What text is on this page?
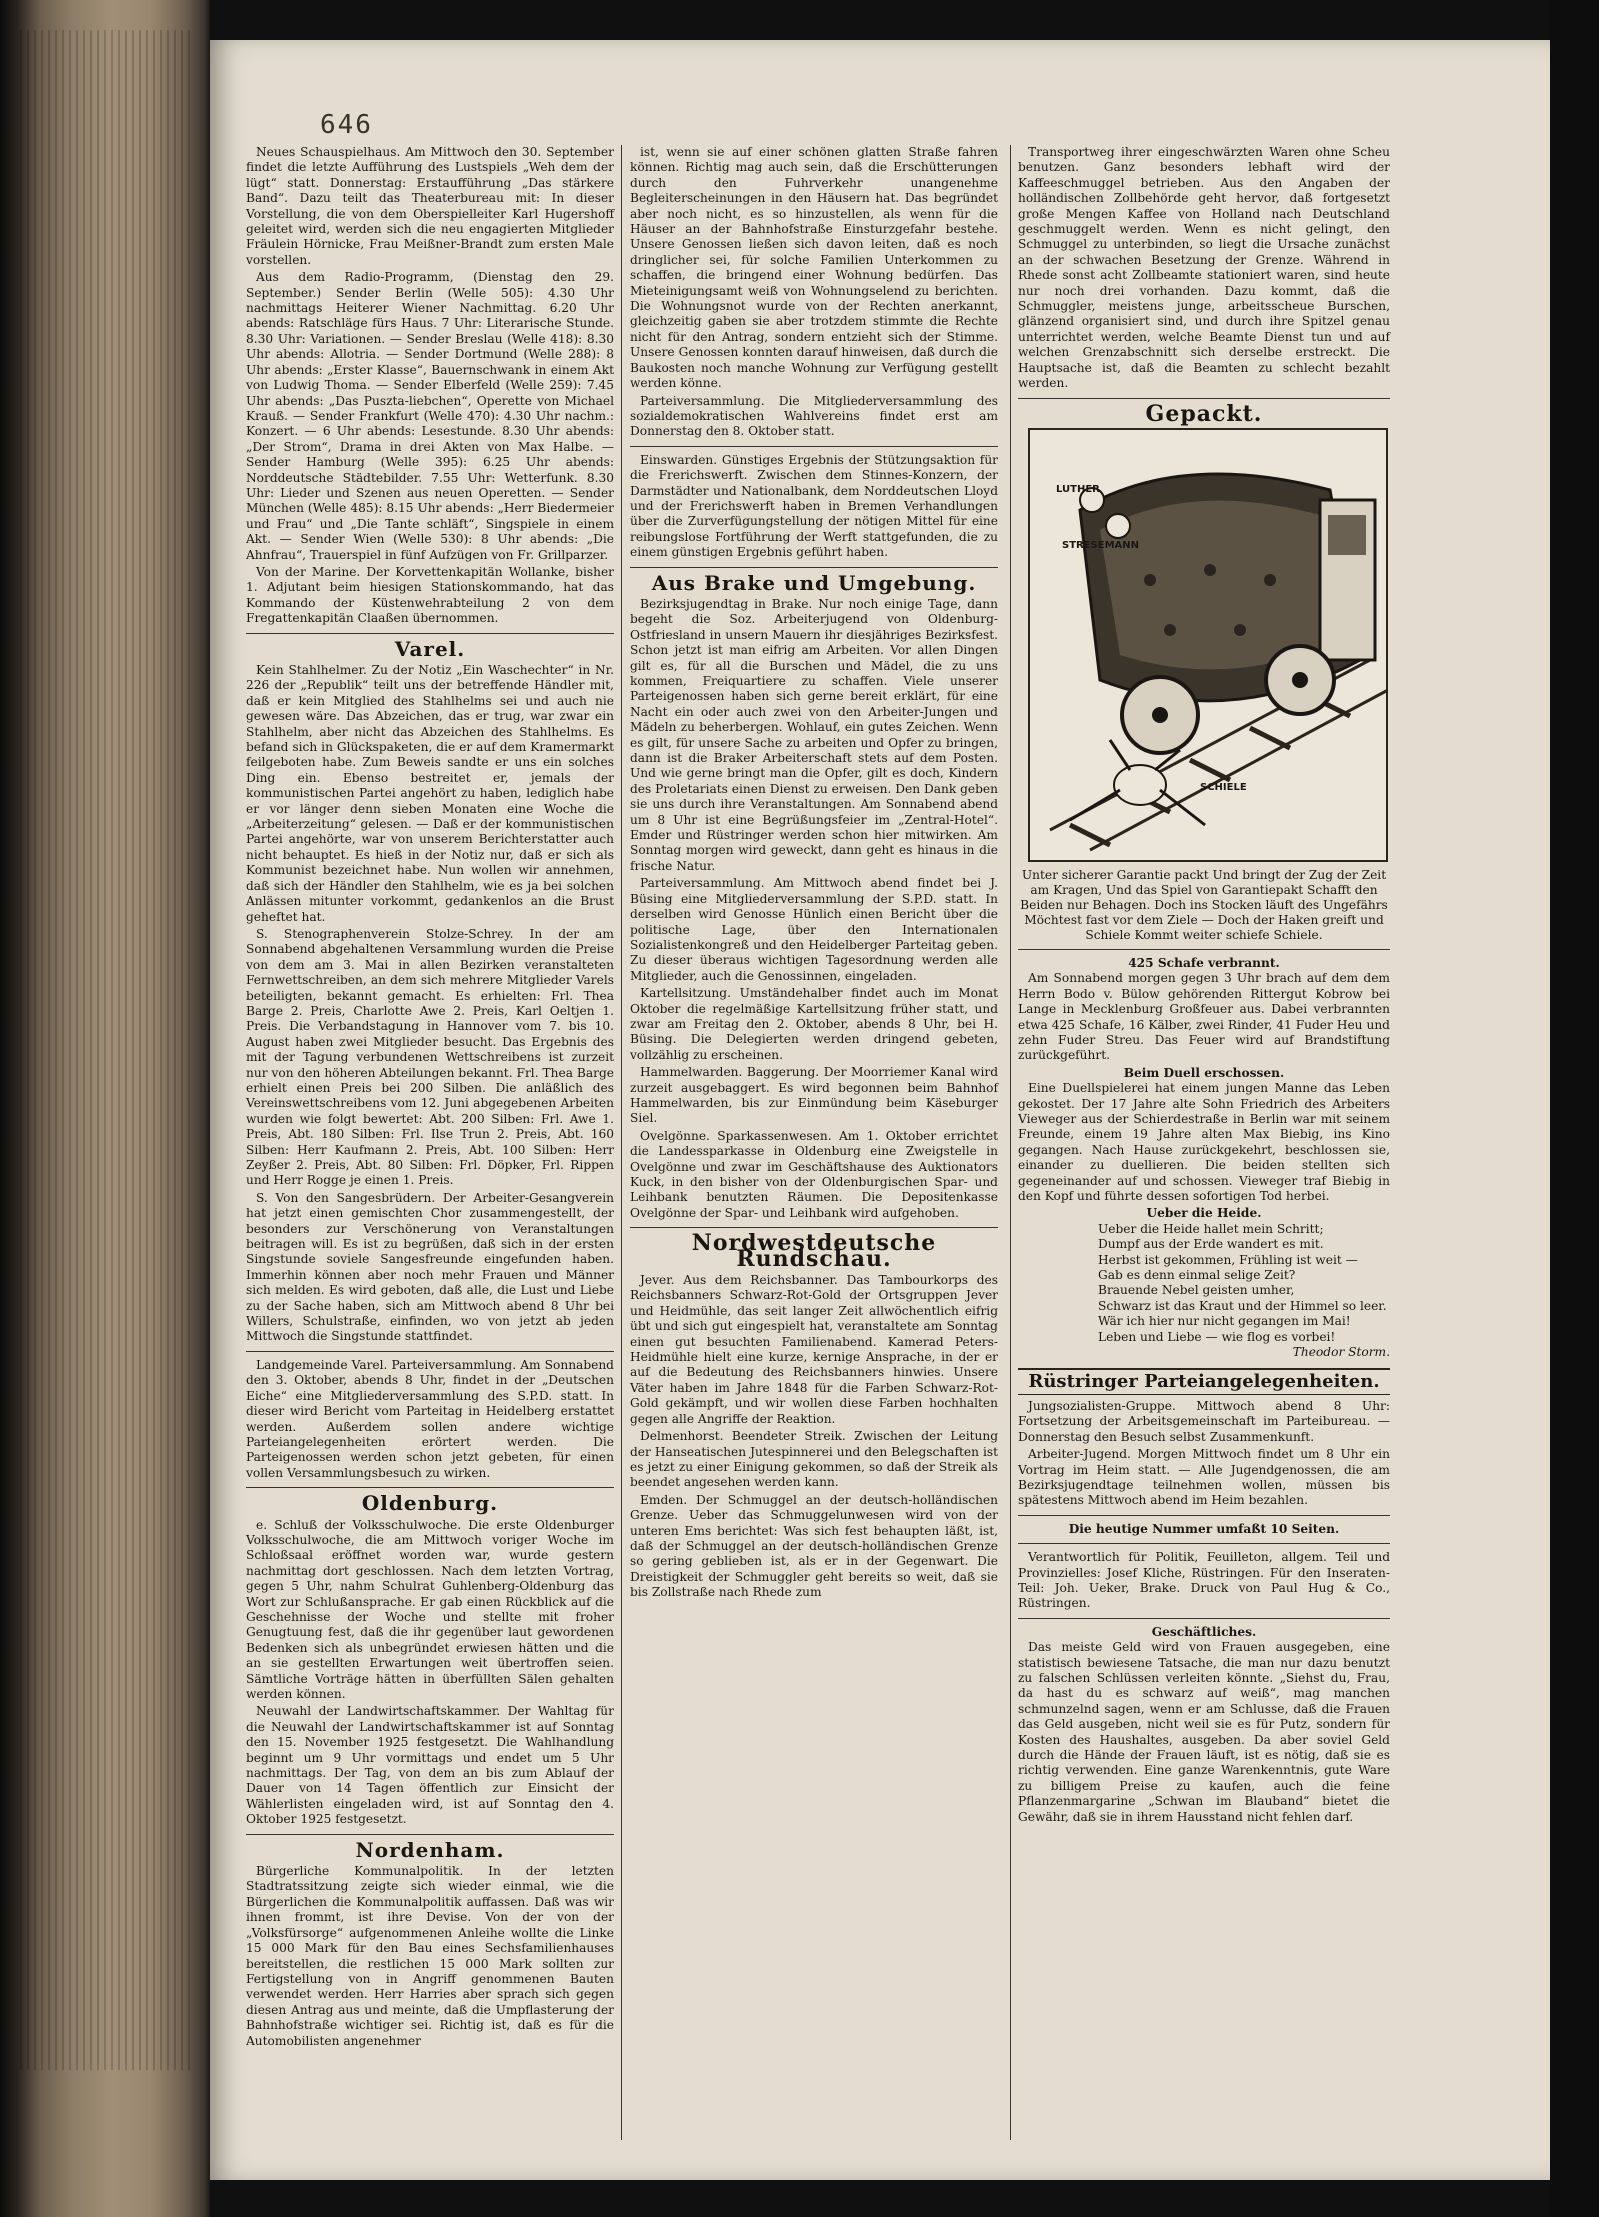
646

Neues Schauspielhaus. Am Mittwoch den 30. September findet die letzte Aufführung des Lustspiels „Weh dem der lügt“ statt. Donnerstag: Erstaufführung „Das stärkere Band“. Dazu teilt das Theaterbureau mit: In dieser Vorstellung, die von dem Oberspielleiter Karl Hugershoff geleitet wird, werden sich die neu engagierten Mitglieder Fräulein Hörnicke, Frau Meißner-Brandt zum ersten Male vorstellen.

Aus dem Radio-Programm, (Dienstag den 29. September.) Sender Berlin (Welle 505): 4.30 Uhr nachmittags Heiterer Wiener Nachmittag. 6.20 Uhr abends: Ratschläge fürs Haus. 7 Uhr: Literarische Stunde. 8.30 Uhr: Variationen. — Sender Breslau (Welle 418): 8.30 Uhr abends: Allotria. — Sender Dortmund (Welle 288): 8 Uhr abends: „Erster Klasse“, Bauernschwank in einem Akt von Ludwig Thoma. — Sender Elberfeld (Welle 259): 7.45 Uhr abends: „Das Puszta-liebchen“, Operette von Michael Krauß. — Sender Frankfurt (Welle 470): 4.30 Uhr nachm.: Konzert. — 6 Uhr abends: Lesestunde. 8.30 Uhr abends: „Der Strom“, Drama in drei Akten von Max Halbe. — Sender Hamburg (Welle 395): 6.25 Uhr abends: Norddeutsche Städtebilder. 7.55 Uhr: Wetterfunk. 8.30 Uhr: Lieder und Szenen aus neuen Operetten. — Sender München (Welle 485): 8.15 Uhr abends: „Herr Biedermeier und Frau“ und „Die Tante schläft“, Singspiele in einem Akt. — Sender Wien (Welle 530): 8 Uhr abends: „Die Ahnfrau“, Trauerspiel in fünf Aufzügen von Fr. Grillparzer.

Von der Marine. Der Korvettenkapitän Wollanke, bisher 1. Adjutant beim hiesigen Stationskommando, hat das Kommando der Küstenwehrabteilung 2 von dem Fregattenkapitän Claaßen übernommen.

Varel.

Kein Stahlhelmer. Zu der Notiz „Ein Waschechter“ in Nr. 226 der „Republik“ teilt uns der betreffende Händler mit, daß er kein Mitglied des Stahlhelms sei und auch nie gewesen wäre. Das Abzeichen, das er trug, war zwar ein Stahlhelm, aber nicht das Abzeichen des Stahlhelms. Es befand sich in Glückspaketen, die er auf dem Kramermarkt feilgeboten habe. Zum Beweis sandte er uns ein solches Ding ein. Ebenso bestreitet er, jemals der kommunistischen Partei angehört zu haben, lediglich habe er vor länger denn sieben Monaten eine Woche die „Arbeiterzeitung“ gelesen. — Daß er der kommunistischen Partei angehörte, war von unserem Berichterstatter auch nicht behauptet. Es hieß in der Notiz nur, daß er sich als Kommunist bezeichnet habe. Nun wollen wir annehmen, daß sich der Händler den Stahlhelm, wie es ja bei solchen Anlässen mitunter vorkommt, gedankenlos an die Brust geheftet hat.

S. Stenographenverein Stolze-Schrey. In der am Sonnabend abgehaltenen Versammlung wurden die Preise von dem am 3. Mai in allen Bezirken veranstalteten Fernwettschreiben, an dem sich mehrere Mitglieder Varels beteiligten, bekannt gemacht. Es erhielten: Frl. Thea Barge 2. Preis, Charlotte Awe 2. Preis, Karl Oeltjen 1. Preis. Die Verbandstagung in Hannover vom 7. bis 10. August haben zwei Mitglieder besucht. Das Ergebnis des mit der Tagung verbundenen Wettschreibens ist zurzeit nur von den höheren Abteilungen bekannt. Frl. Thea Barge erhielt einen Preis bei 200 Silben. Die anläßlich des Vereinswettschreibens vom 12. Juni abgegebenen Arbeiten wurden wie folgt bewertet: Abt. 200 Silben: Frl. Awe 1. Preis, Abt. 180 Silben: Frl. Ilse Trun 2. Preis, Abt. 160 Silben: Herr Kaufmann 2. Preis, Abt. 100 Silben: Herr Zeyßer 2. Preis, Abt. 80 Silben: Frl. Döpker, Frl. Rippen und Herr Rogge je einen 1. Preis.

S. Von den Sangesbrüdern. Der Arbeiter-Gesangverein hat jetzt einen gemischten Chor zusammengestellt, der besonders zur Verschönerung von Veranstaltungen beitragen will. Es ist zu begrüßen, daß sich in der ersten Singstunde soviele Sangesfreunde eingefunden haben. Immerhin können aber noch mehr Frauen und Männer sich melden. Es wird geboten, daß alle, die Lust und Liebe zu der Sache haben, sich am Mittwoch abend 8 Uhr bei Willers, Schulstraße, einfinden, wo von jetzt ab jeden Mittwoch die Singstunde stattfindet.

Landgemeinde Varel. Parteiversammlung. Am Sonnabend den 3. Oktober, abends 8 Uhr, findet in der „Deutschen Eiche“ eine Mitgliederversammlung des S.P.D. statt. In dieser wird Bericht vom Parteitag in Heidelberg erstattet werden. Außerdem sollen andere wichtige Parteiangelegenheiten erörtert werden. Die Parteigenossen werden schon jetzt gebeten, für einen vollen Versammlungsbesuch zu wirken.

Oldenburg.

e. Schluß der Volksschulwoche. Die erste Oldenburger Volksschulwoche, die am Mittwoch voriger Woche im Schloßsaal eröffnet worden war, wurde gestern nachmittag dort geschlossen. Nach dem letzten Vortrag, gegen 5 Uhr, nahm Schulrat Guhlenberg-Oldenburg das Wort zur Schlußansprache. Er gab einen Rückblick auf die Geschehnisse der Woche und stellte mit froher Genugtuung fest, daß die ihr gegenüber laut gewordenen Bedenken sich als unbegründet erwiesen hätten und die an sie gestellten Erwartungen weit übertroffen seien. Sämtliche Vorträge hätten in überfüllten Sälen gehalten werden können.

Neuwahl der Landwirtschaftskammer. Der Wahltag für die Neuwahl der Landwirtschaftskammer ist auf Sonntag den 15. November 1925 festgesetzt. Die Wahlhandlung beginnt um 9 Uhr vormittags und endet um 5 Uhr nachmittags. Der Tag, von dem an bis zum Ablauf der Dauer von 14 Tagen öffentlich zur Einsicht der Wählerlisten eingeladen wird, ist auf Sonntag den 4. Oktober 1925 festgesetzt.

Nordenham.

Bürgerliche Kommunalpolitik. In der letzten Stadtratssitzung zeigte sich wieder einmal, wie die Bürgerlichen die Kommunalpolitik auffassen. Daß was wir ihnen frommt, ist ihre Devise. Von der von der „Volksfürsorge“ aufgenommenen Anleihe wollte die Linke 15 000 Mark für den Bau eines Sechsfamilienhauses bereitstellen, die restlichen 15 000 Mark sollten zur Fertigstellung von in Angriff genommenen Bauten verwendet werden. Herr Harries aber sprach sich gegen diesen Antrag aus und meinte, daß die Umpflasterung der Bahnhofstraße wichtiger sei. Richtig ist, daß es für die Automobilisten angenehmer

ist, wenn sie auf einer schönen glatten Straße fahren können. Richtig mag auch sein, daß die Erschütterungen durch den Fuhrverkehr unangenehme Begleiterscheinungen in den Häusern hat. Das begründet aber noch nicht, es so hinzustellen, als wenn für die Häuser an der Bahnhofstraße Einsturzgefahr bestehe. Unsere Genossen ließen sich davon leiten, daß es noch dringlicher sei, für solche Familien Unterkommen zu schaffen, die bringend einer Wohnung bedürfen. Das Mieteinigungsamt weiß von Wohnungselend zu berichten. Die Wohnungsnot wurde von der Rechten anerkannt, gleichzeitig gaben sie aber trotzdem stimmte die Rechte nicht für den Antrag, sondern entzieht sich der Stimme. Unsere Genossen konnten darauf hinweisen, daß durch die Baukosten noch manche Wohnung zur Verfügung gestellt werden könne.

Parteiversammlung. Die Mitgliederversammlung des sozialdemokratischen Wahlvereins findet erst am Donnerstag den 8. Oktober statt.

Einswarden. Günstiges Ergebnis der Stützungsaktion für die Frerichswerft. Zwischen dem Stinnes-Konzern, der Darmstädter und Nationalbank, dem Norddeutschen Lloyd und der Frerichswerft haben in Bremen Verhandlungen über die Zurverfügungstellung der nötigen Mittel für eine reibungslose Fortführung der Werft stattgefunden, die zu einem günstigen Ergebnis geführt haben.

Aus Brake und Umgebung.

Bezirksjugendtag in Brake. Nur noch einige Tage, dann begeht die Soz. Arbeiterjugend von Oldenburg-Ostfriesland in unsern Mauern ihr diesjähriges Bezirksfest. Schon jetzt ist man eifrig am Arbeiten. Vor allen Dingen gilt es, für all die Burschen und Mädel, die zu uns kommen, Freiquartiere zu schaffen. Viele unserer Parteigenossen haben sich gerne bereit erklärt, für eine Nacht ein oder auch zwei von den Arbeiter-Jungen und Mädeln zu beherbergen. Wohlauf, ein gutes Zeichen. Wenn es gilt, für unsere Sache zu arbeiten und Opfer zu bringen, dann ist die Braker Arbeiterschaft stets auf dem Posten. Und wie gerne bringt man die Opfer, gilt es doch, Kindern des Proletariats einen Dienst zu erweisen. Den Dank geben sie uns durch ihre Veranstaltungen. Am Sonnabend abend um 8 Uhr ist eine Begrüßungsfeier im „Zentral-Hotel“. Emder und Rüstringer werden schon hier mitwirken. Am Sonntag morgen wird geweckt, dann geht es hinaus in die frische Natur.

Parteiversammlung. Am Mittwoch abend findet bei J. Büsing eine Mitgliederversammlung der S.P.D. statt. In derselben wird Genosse Hünlich einen Bericht über die politische Lage, über den Internationalen Sozialistenkongreß und den Heidelberger Parteitag geben. Zu dieser überaus wichtigen Tagesordnung werden alle Mitglieder, auch die Genossinnen, eingeladen.

Kartellsitzung. Umständehalber findet auch im Monat Oktober die regelmäßige Kartellsitzung früher statt, und zwar am Freitag den 2. Oktober, abends 8 Uhr, bei H. Büsing. Die Delegierten werden dringend gebeten, vollzählig zu erscheinen.

Hammelwarden. Baggerung. Der Moorriemer Kanal wird zurzeit ausgebaggert. Es wird begonnen beim Bahnhof Hammelwarden, bis zur Einmündung beim Käseburger Siel.

Ovelgönne. Sparkassenwesen. Am 1. Oktober errichtet die Landessparkasse in Oldenburg eine Zweigstelle in Ovelgönne und zwar im Geschäftshause des Auktionators Kuck, in den bisher von der Oldenburgischen Spar- und Leihbank benutzten Räumen. Die Depositenkasse Ovelgönne der Spar- und Leihbank wird aufgehoben.

Nordwestdeutsche Rundschau.

Jever. Aus dem Reichsbanner. Das Tambourkorps des Reichsbanners Schwarz-Rot-Gold der Ortsgruppen Jever und Heidmühle, das seit langer Zeit allwöchentlich eifrig übt und sich gut eingespielt hat, veranstaltete am Sonntag einen gut besuchten Familienabend. Kamerad Peters-Heidmühle hielt eine kurze, kernige Ansprache, in der er auf die Bedeutung des Reichsbanners hinwies. Unsere Väter haben im Jahre 1848 für die Farben Schwarz-Rot-Gold gekämpft, und wir wollen diese Farben hochhalten gegen alle Angriffe der Reaktion.

Delmenhorst. Beendeter Streik. Zwischen der Leitung der Hanseatischen Jutespinnerei und den Belegschaften ist es jetzt zu einer Einigung gekommen, so daß der Streik als beendet angesehen werden kann.

Emden. Der Schmuggel an der deutsch-holländischen Grenze. Ueber das Schmuggelunwesen wird von der unteren Ems berichtet: Was sich fest behaupten läßt, ist, daß der Schmuggel an der deutsch-holländischen Grenze so gering geblieben ist, als er in der Gegenwart. Die Dreistigkeit der Schmuggler geht bereits so weit, daß sie bis Zollstraße nach Rhede zum

Transportweg ihrer eingeschwärzten Waren ohne Scheu benutzen. Ganz besonders lebhaft wird der Kaffeeschmuggel betrieben. Aus den Angaben der holländischen Zollbehörde geht hervor, daß fortgesetzt große Mengen Kaffee von Holland nach Deutschland geschmuggelt werden. Wenn es nicht gelingt, den Schmuggel zu unterbinden, so liegt die Ursache zunächst an der schwachen Besetzung der Grenze. Während in Rhede sonst acht Zollbeamte stationiert waren, sind heute nur noch drei vorhanden. Dazu kommt, daß die Schmuggler, meistens junge, arbeitsscheue Burschen, glänzend organisiert sind, und durch ihre Spitzel genau unterrichtet werden, welche Beamte Dienst tun und auf welchen Grenzabschnitt sich derselbe erstreckt. Die Hauptsache ist, daß die Beamten zu schlecht bezahlt werden.

Gepackt.
LUTHER
STRESEMANN
SCHIELE
Unter sicherer Garantie packt Und bringt der Zug der Zeit am Kragen, Und das Spiel von Garantiepakt Schafft den Beiden nur Behagen. Doch ins Stocken läuft des Ungefährs Möchtest fast vor dem Ziele — Doch der Haken greift und Schiele Kommt weiter schiefe Schiele.
425 Schafe verbrannt.

Am Sonnabend morgen gegen 3 Uhr brach auf dem dem Herrn Bodo v. Bülow gehörenden Rittergut Kobrow bei Lange in Mecklenburg Großfeuer aus. Dabei verbrannten etwa 425 Schafe, 16 Kälber, zwei Rinder, 41 Fuder Heu und zehn Fuder Streu. Das Feuer wird auf Brandstiftung zurückgeführt.

Beim Duell erschossen.

Eine Duellspielerei hat einem jungen Manne das Leben gekostet. Der 17 Jahre alte Sohn Friedrich des Arbeiters Vieweger aus der Schierdestraße in Berlin war mit seinem Freunde, einem 19 Jahre alten Max Biebig, ins Kino gegangen. Nach Hause zurückgekehrt, beschlossen sie, einander zu duellieren. Die beiden stellten sich gegeneinander auf und schossen. Vieweger traf Biebig in den Kopf und führte dessen sofortigen Tod herbei.

Ueber die Heide.
Ueber die Heide hallet mein Schritt;
Dumpf aus der Erde wandert es mit.
Herbst ist gekommen, Frühling ist weit —
Gab es denn einmal selige Zeit?
Brauende Nebel geisten umher,
Schwarz ist das Kraut und der Himmel so leer.
Wär ich hier nur nicht gegangen im Mai!
Leben und Liebe — wie flog es vorbei!
Theodor Storm.
Rüstringer Parteiangelegenheiten.

Jungsozialisten-Gruppe. Mittwoch abend 8 Uhr: Fortsetzung der Arbeitsgemeinschaft im Parteibureau. — Donnerstag den Besuch selbst Zusammenkunft.

Arbeiter-Jugend. Morgen Mittwoch findet um 8 Uhr ein Vortrag im Heim statt. — Alle Jugendgenossen, die am Bezirksjugendtage teilnehmen wollen, müssen bis spätestens Mittwoch abend im Heim bezahlen.

Die heutige Nummer umfaßt 10 Seiten.

Verantwortlich für Politik, Feuilleton, allgem. Teil und Provinzielles: Josef Kliche, Rüstringen. Für den Inseraten-Teil: Joh. Ueker, Brake. Druck von Paul Hug & Co., Rüstringen.

Geschäftliches.

Das meiste Geld wird von Frauen ausgegeben, eine statistisch bewiesene Tatsache, die man nur dazu benutzt zu falschen Schlüssen verleiten könnte. „Siehst du, Frau, da hast du es schwarz auf weiß“, mag manchen schmunzelnd sagen, wenn er am Schlusse, daß die Frauen das Geld ausgeben, nicht weil sie es für Putz, sondern für Kosten des Haushaltes, ausgeben. Da aber soviel Geld durch die Hände der Frauen läuft, ist es nötig, daß sie es richtig verwenden. Eine ganze Warenkenntnis, gute Ware zu billigem Preise zu kaufen, auch die feine Pflanzenmargarine „Schwan im Blauband“ bietet die Gewähr, daß sie in ihrem Hausstand nicht fehlen darf.
